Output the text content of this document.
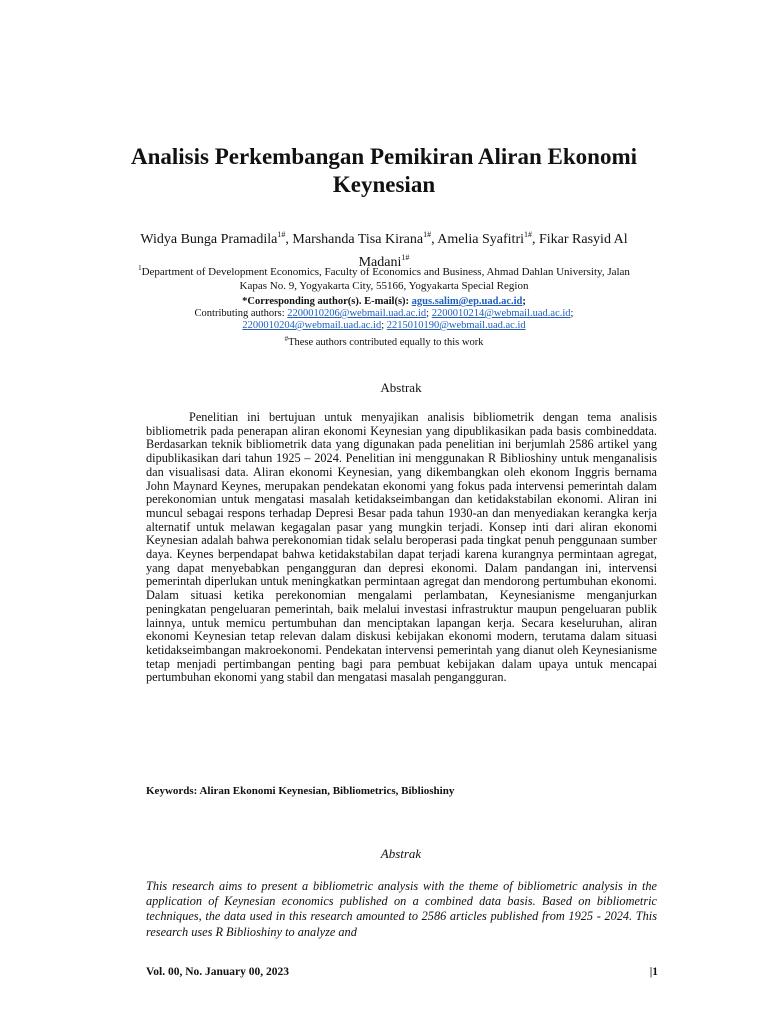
Analisis Perkembangan Pemikiran Aliran Ekonomi Keynesian
Widya Bunga Pramadila$^{1\#}$, Marshanda Tisa Kirana$^{1\#}$, Amelia Syafitri$^{1\#}$, Fikar Rasyid Al Madani$^{1\#}$
$^1$Department of Development Economics, Faculty of Economics and Business, Ahmad Dahlan University, Jalan Kapas No. 9, Yogyakarta City, 55166, Yogyakarta Special Region
*Corresponding author(s). E-mail(s): agus.salim@ep.uad.ac.id;
Contributing authors: 2200010206@webmail.uad.ac.id; 2200010214@webmail.uad.ac.id;
2200010204@webmail.uad.ac.id; 2215010190@webmail.uad.ac.id
#These authors contributed equally to this work
Abstrak

Penelitian ini bertujuan untuk menyajikan analisis bibliometrik dengan tema analisis bibliometrik pada penerapan aliran ekonomi Keynesian yang dipublikasikan pada basis combineddata. Berdasarkan teknik bibliometrik data yang digunakan pada penelitian ini berjumlah 2586 artikel yang dipublikasikan dari tahun 1925 – 2024. Penelitian ini menggunakan R Biblioshiny untuk menganalisis dan visualisasi data. Aliran ekonomi Keynesian, yang dikembangkan oleh ekonom Inggris bernama John Maynard Keynes, merupakan pendekatan ekonomi yang fokus pada intervensi pemerintah dalam perekonomian untuk mengatasi masalah ketidakseimbangan dan ketidakstabilan ekonomi. Aliran ini muncul sebagai respons terhadap Depresi Besar pada tahun 1930-an dan menyediakan kerangka kerja alternatif untuk melawan kegagalan pasar yang mungkin terjadi. Konsep inti dari aliran ekonomi Keynesian adalah bahwa perekonomian tidak selalu beroperasi pada tingkat penuh penggunaan sumber daya. Keynes berpendapat bahwa ketidakstabilan dapat terjadi karena kurangnya permintaan agregat, yang dapat menyebabkan pengangguran dan depresi ekonomi. Dalam pandangan ini, intervensi pemerintah diperlukan untuk meningkatkan permintaan agregat dan mendorong pertumbuhan ekonomi. Dalam situasi ketika perekonomian mengalami perlambatan, Keynesianisme menganjurkan peningkatan pengeluaran pemerintah, baik melalui investasi infrastruktur maupun pengeluaran publik lainnya, untuk memicu pertumbuhan dan menciptakan lapangan kerja. Secara keseluruhan, aliran ekonomi Keynesian tetap relevan dalam diskusi kebijakan ekonomi modern, terutama dalam situasi ketidakseimbangan makroekonomi. Pendekatan intervensi pemerintah yang dianut oleh Keynesianisme tetap menjadi pertimbangan penting bagi para pembuat kebijakan dalam upaya untuk mencapai pertumbuhan ekonomi yang stabil dan mengatasi masalah pengangguran.

Keywords: Aliran Ekonomi Keynesian, Bibliometrics, Biblioshiny
Abstrak

This research aims to present a bibliometric analysis with the theme of bibliometric analysis in the application of Keynesian economics published on a combined data basis. Based on bibliometric techniques, the data used in this research amounted to 2586 articles published from 1925 - 2024. This research uses R Biblioshiny to analyze and

Vol. 00, No. January 00, 2023	|1
